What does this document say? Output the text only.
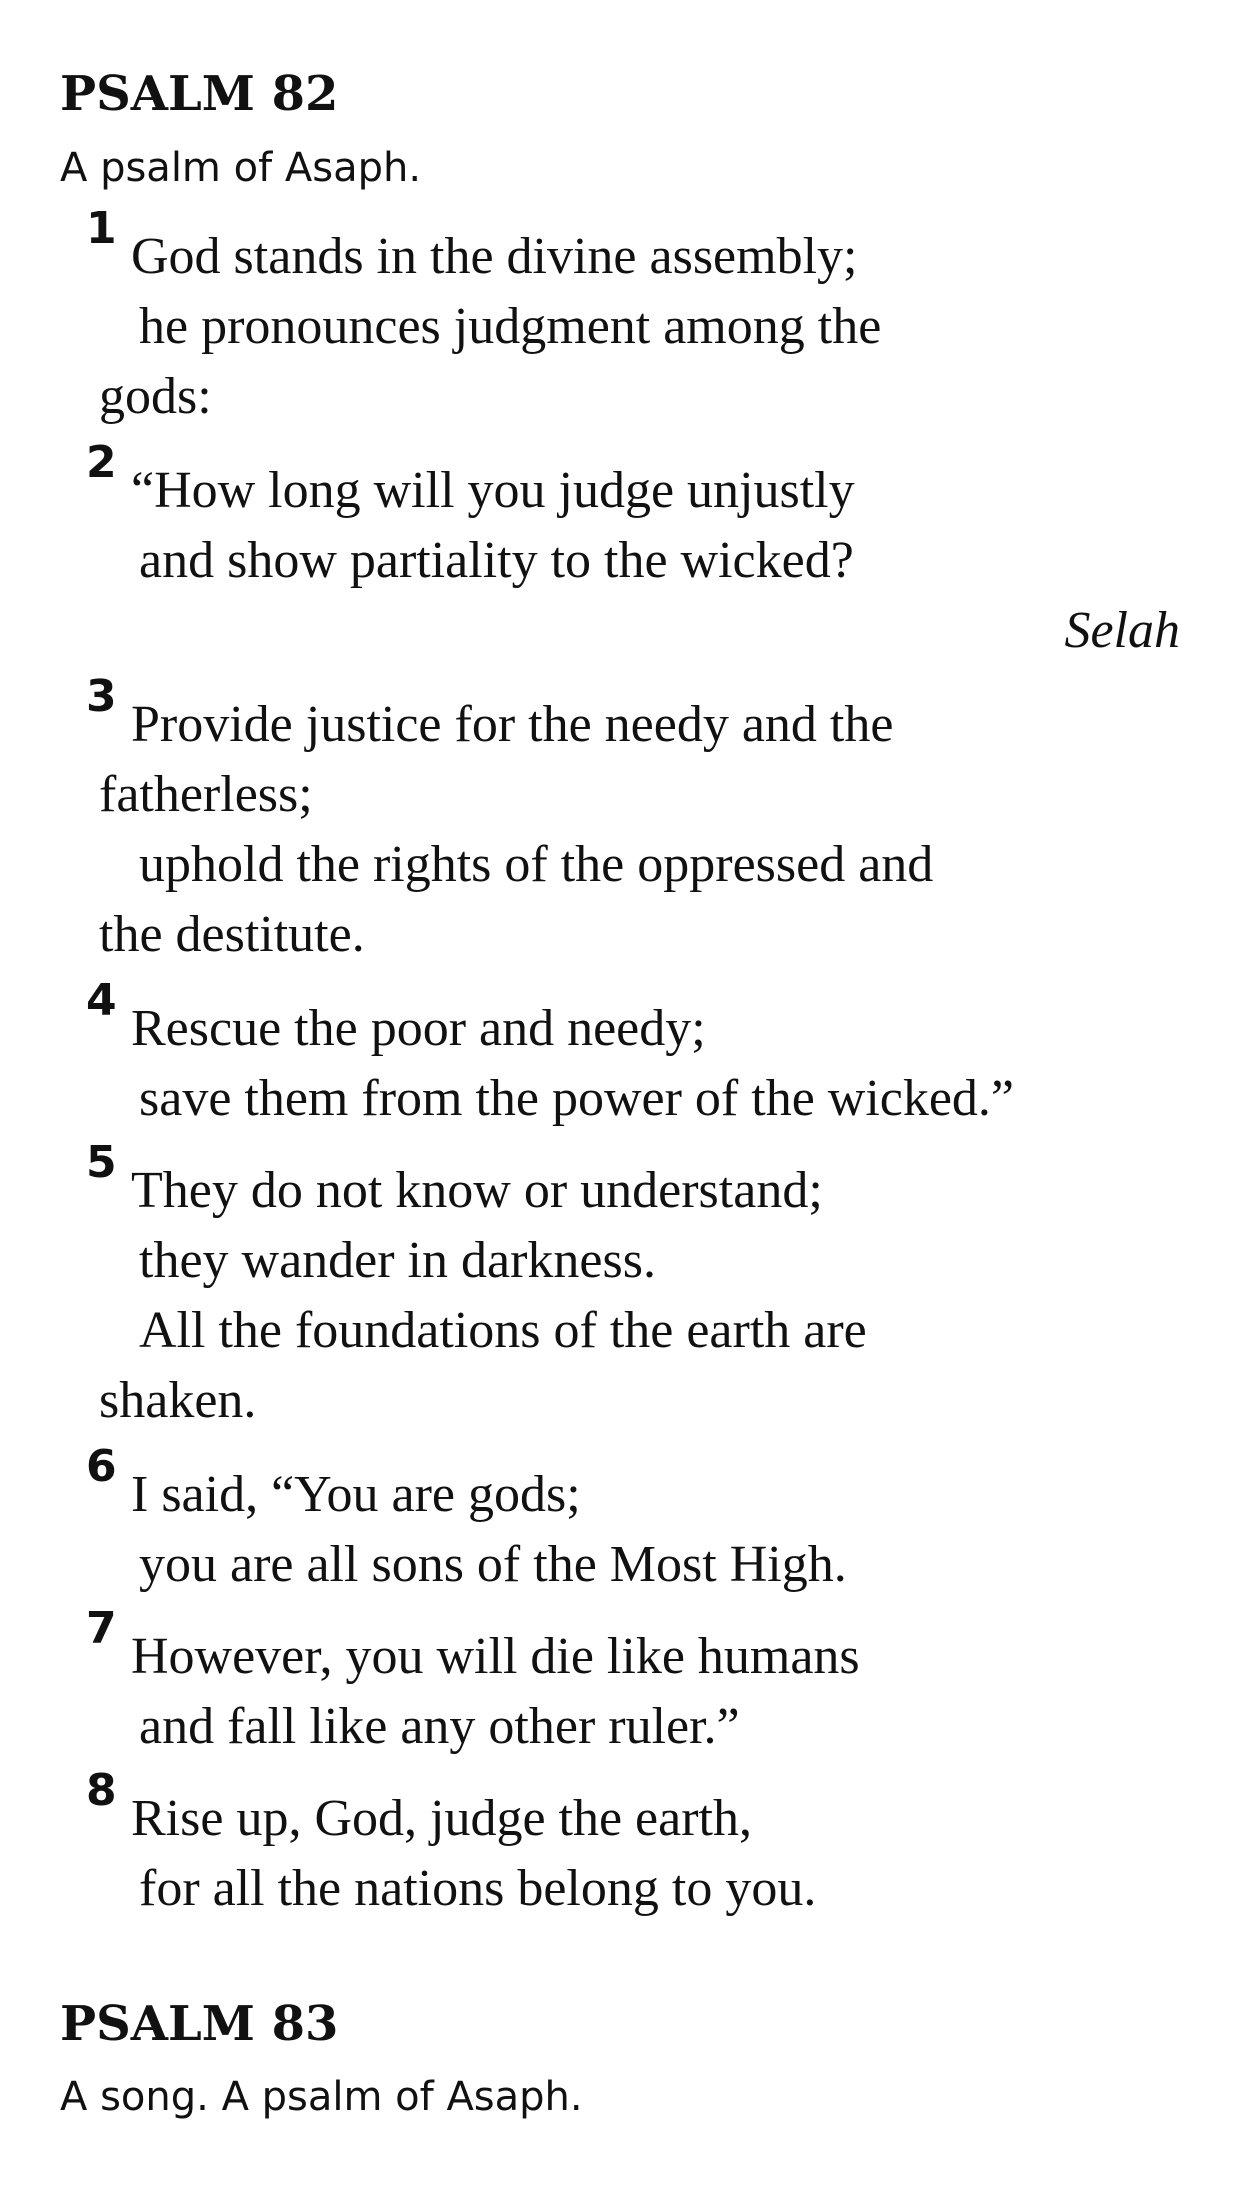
PSALM 82
A psalm of Asaph.
1 God stands in the divine assembly;
he pronounces judgment among the
gods:
2 “How long will you judge unjustly
and show partiality to the wicked?
Selah
3 Provide justice for the needy and the
fatherless;
uphold the rights of the oppressed and
the destitute.
4 Rescue the poor and needy;
save them from the power of the wicked.”
5 They do not know or understand;
they wander in darkness.
All the foundations of the earth are
shaken.
6 I said, “You are gods;
you are all sons of the Most High.
7 However, you will die like humans
and fall like any other ruler.”
8 Rise up, God, judge the earth,
for all the nations belong to you.
PSALM 83
A song. A psalm of Asaph.
